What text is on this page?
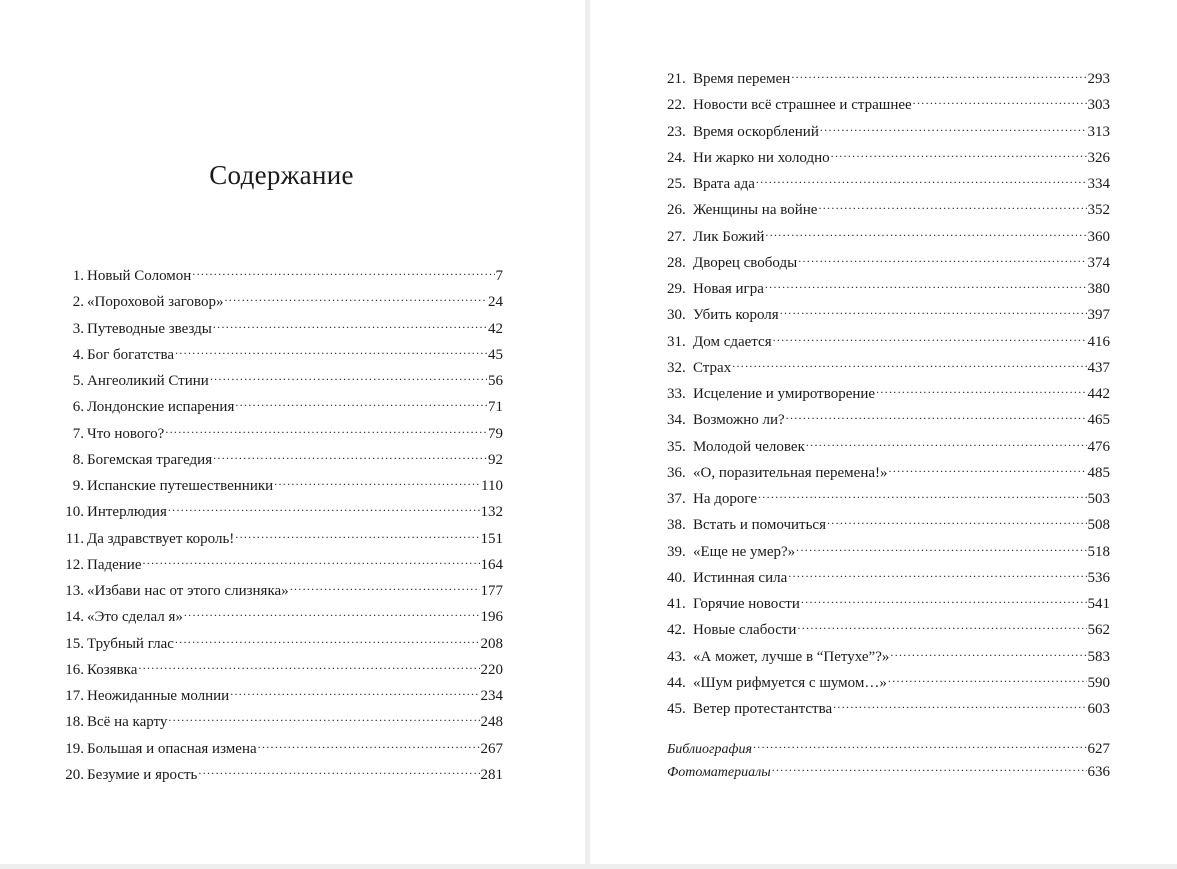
Содержание
1. Новый Соломон .....	7
2. «Пороховой заговор» .....	24
3. Путеводные звезды .....	42
4. Бог богатства .....	45
5. Ангеоликий Стини .....	56
6. Лондонские испарения .....	71
7. Что нового? .....	79
8. Богемская трагедия .....	92
9. Испанские путешественники .....	110
10. Интерлюдия .....	132
11. Да здравствует король! .....	151
12. Падение .....	164
13. «Избави нас от этого слизняка» .....	177
14. «Это сделал я» .....	196
15. Трубный глас .....	208
16. Козявка .....	220
17. Неожиданные молнии .....	234
18. Всё на карту .....	248
19. Большая и опасная измена .....	267
20. Безумие и ярость .....	281
21. Время перемен .....	293
22. Новости всё страшнее и страшнее .....	303
23. Время оскорблений .....	313
24. Ни жарко ни холодно .....	326
25. Врата ада .....	334
26. Женщины на войне .....	352
27. Лик Божий .....	360
28. Дворец свободы .....	374
29. Новая игра .....	380
30. Убить короля .....	397
31. Дом сдается .....	416
32. Страх .....	437
33. Исцеление и умиротворение .....	442
34. Возможно ли? .....	465
35. Молодой человек .....	476
36. «О, поразительная перемена!» .....	485
37. На дороге .....	503
38. Встать и помочиться .....	508
39. «Еще не умер?» .....	518
40. Истинная сила .....	536
41. Горячие новости .....	541
42. Новые слабости .....	562
43. «А может, лучше в “Петухе”?» .....	583
44. «Шум рифмуется с шумом…» .....	590
45. Ветер протестантства .....	603
Библиография .....	627
Фотоматериалы .....	636
